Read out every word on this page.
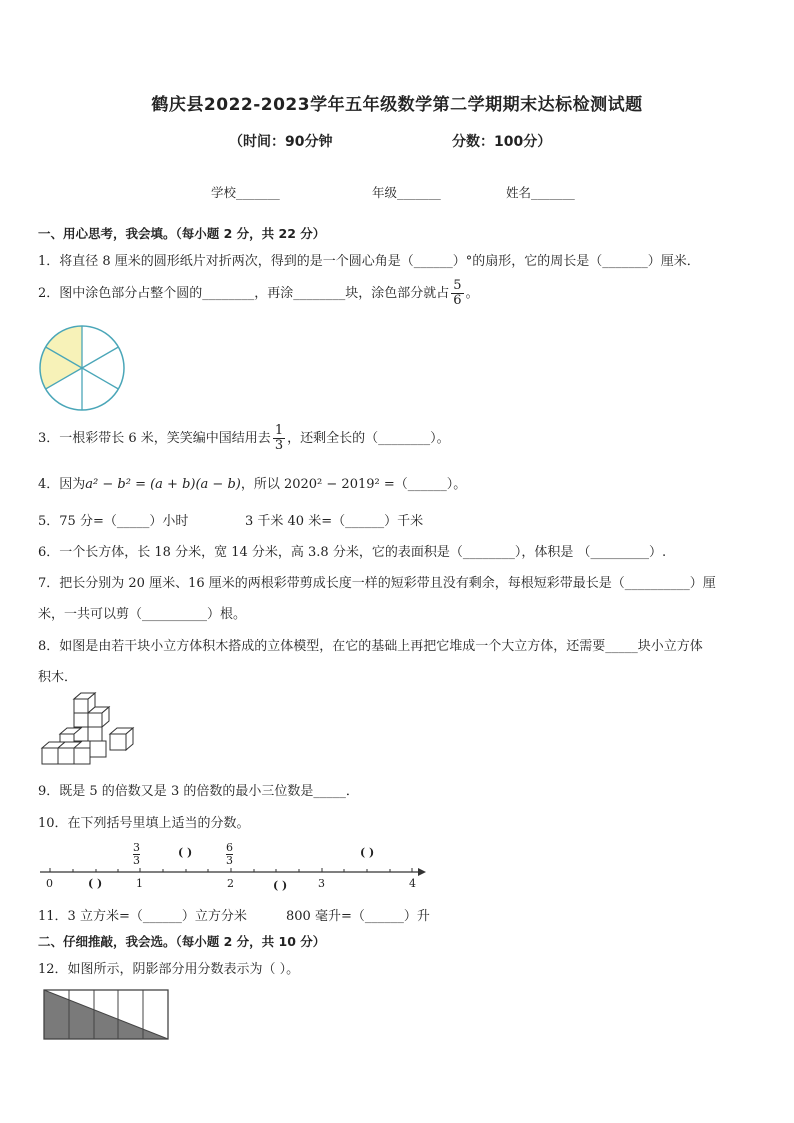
鹤庆县2022-2023学年五年级数学第二学期期末达标检测试题
（时间：90分钟	分数：100分）
学校_______	年级_______	姓名_______
一、用心思考，我会填。（每小题 2 分，共 22 分）
1．将直径 8 厘米的圆形纸片对折两次，得到的是一个圆心角是（______）°的扇形，它的周长是（_______）厘米．
2．图中涂色部分占整个圆的________，再涂________块，涂色部分就占 $\frac{5}{6}$ 。
3．一根彩带长 6 米，笑笑编中国结用去 $\frac{1}{3}$ ，还剩全长的（________）。
4．因为a² − b² = (a + b)(a − b)，所以 2020² − 2019² =（______）。
5．75 分=（_____）小时	3 千米 40 米=（______）千米
6．一个长方体，长 18 分米，宽 14 分米，高 3.8 分米，它的表面积是（________），体积是 （_________）.
7．把长分别为 20 厘米、16 厘米的两根彩带剪成长度一样的短彩带且没有剩余，每根短彩带最长是（__________）厘
米，一共可以剪（__________）根。
8．如图是由若干块小立方体积木搭成的立体模型，在它的基础上再把它堆成一个大立方体，还需要_____块小立方体
积木．
9．既是 5 的倍数又是 3 的倍数的最小三位数是_____．
10．在下列括号里填上适当的分数。
0	1	2	3	4
3
3
6
3
( )	( )
( )	( )
11．3 立方米=（______）立方分米	800 毫升=（______）升
二、仔细推敲，我会选。（每小题 2 分，共 10 分）
12．如图所示，阴影部分用分数表示为（ ）。
